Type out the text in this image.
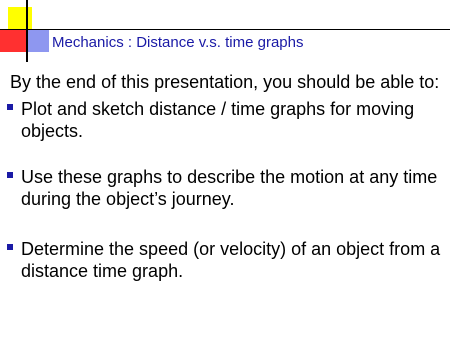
Mechanics : Distance v.s. time graphs

By the end of this presentation, you should be able to:

Plot and sketch distance / time graphs for moving objects.
Use these graphs to describe the motion at any time during the object’s journey.
Determine the speed (or velocity) of an object from a distance time graph.
